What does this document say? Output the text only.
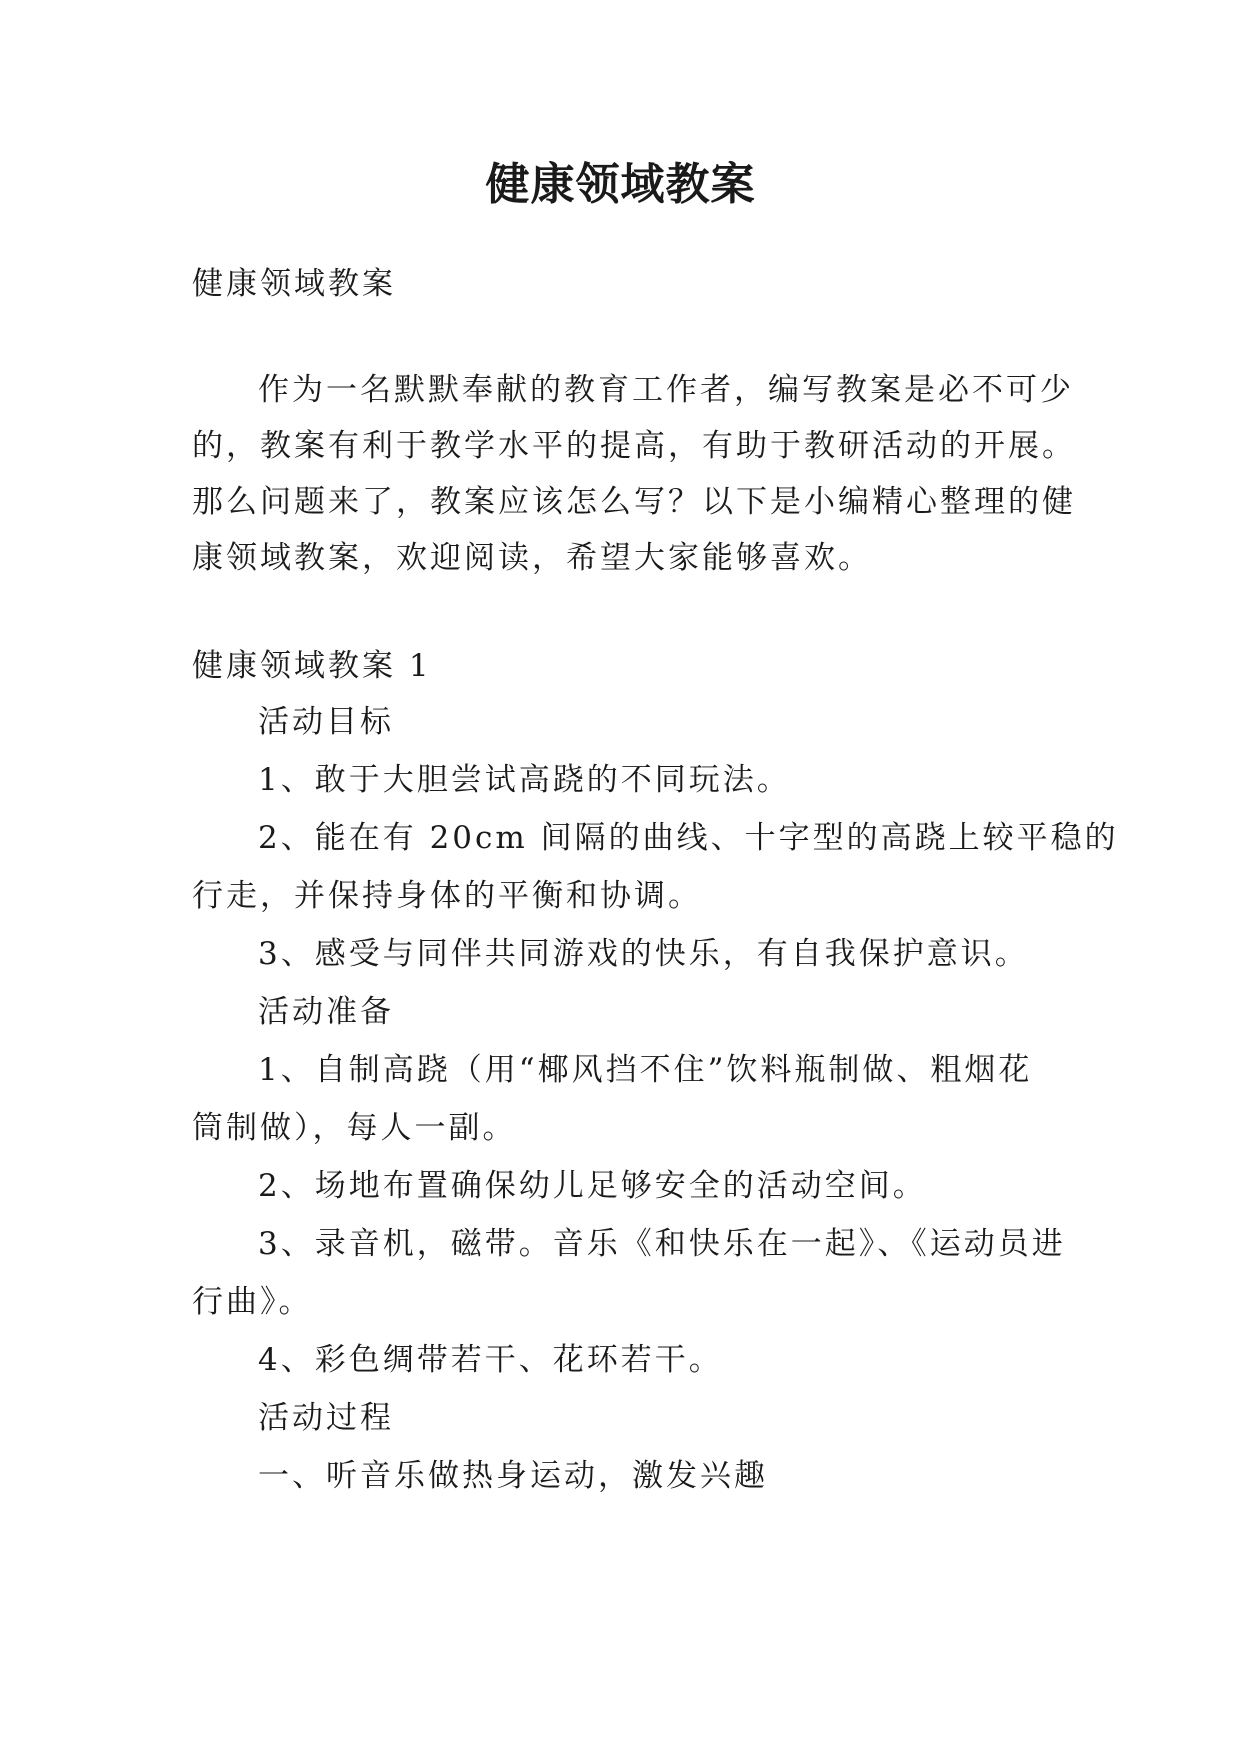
健康领域教案
健康领域教案
作为一名默默奉献的教育工作者，编写教案是必不可少
的，教案有利于教学水平的提高，有助于教研活动的开展。
那么问题来了，教案应该怎么写？以下是小编精心整理的健
康领域教案，欢迎阅读，希望大家能够喜欢。
健康领域教案 1
活动目标
1、敢于大胆尝试高跷的不同玩法。
2、能在有 20cm 间隔的曲线、十字型的高跷上较平稳的
行走，并保持身体的平衡和协调。
3、感受与同伴共同游戏的快乐，有自我保护意识。
活动准备
1、自制高跷（用“椰风挡不住”饮料瓶制做、粗烟花
筒制做），每人一副。
2、场地布置确保幼儿足够安全的活动空间。
3、录音机，磁带。音乐《和快乐在一起》、《运动员进
行曲》。
4、彩色绸带若干、花环若干。
活动过程
一、听音乐做热身运动，激发兴趣
